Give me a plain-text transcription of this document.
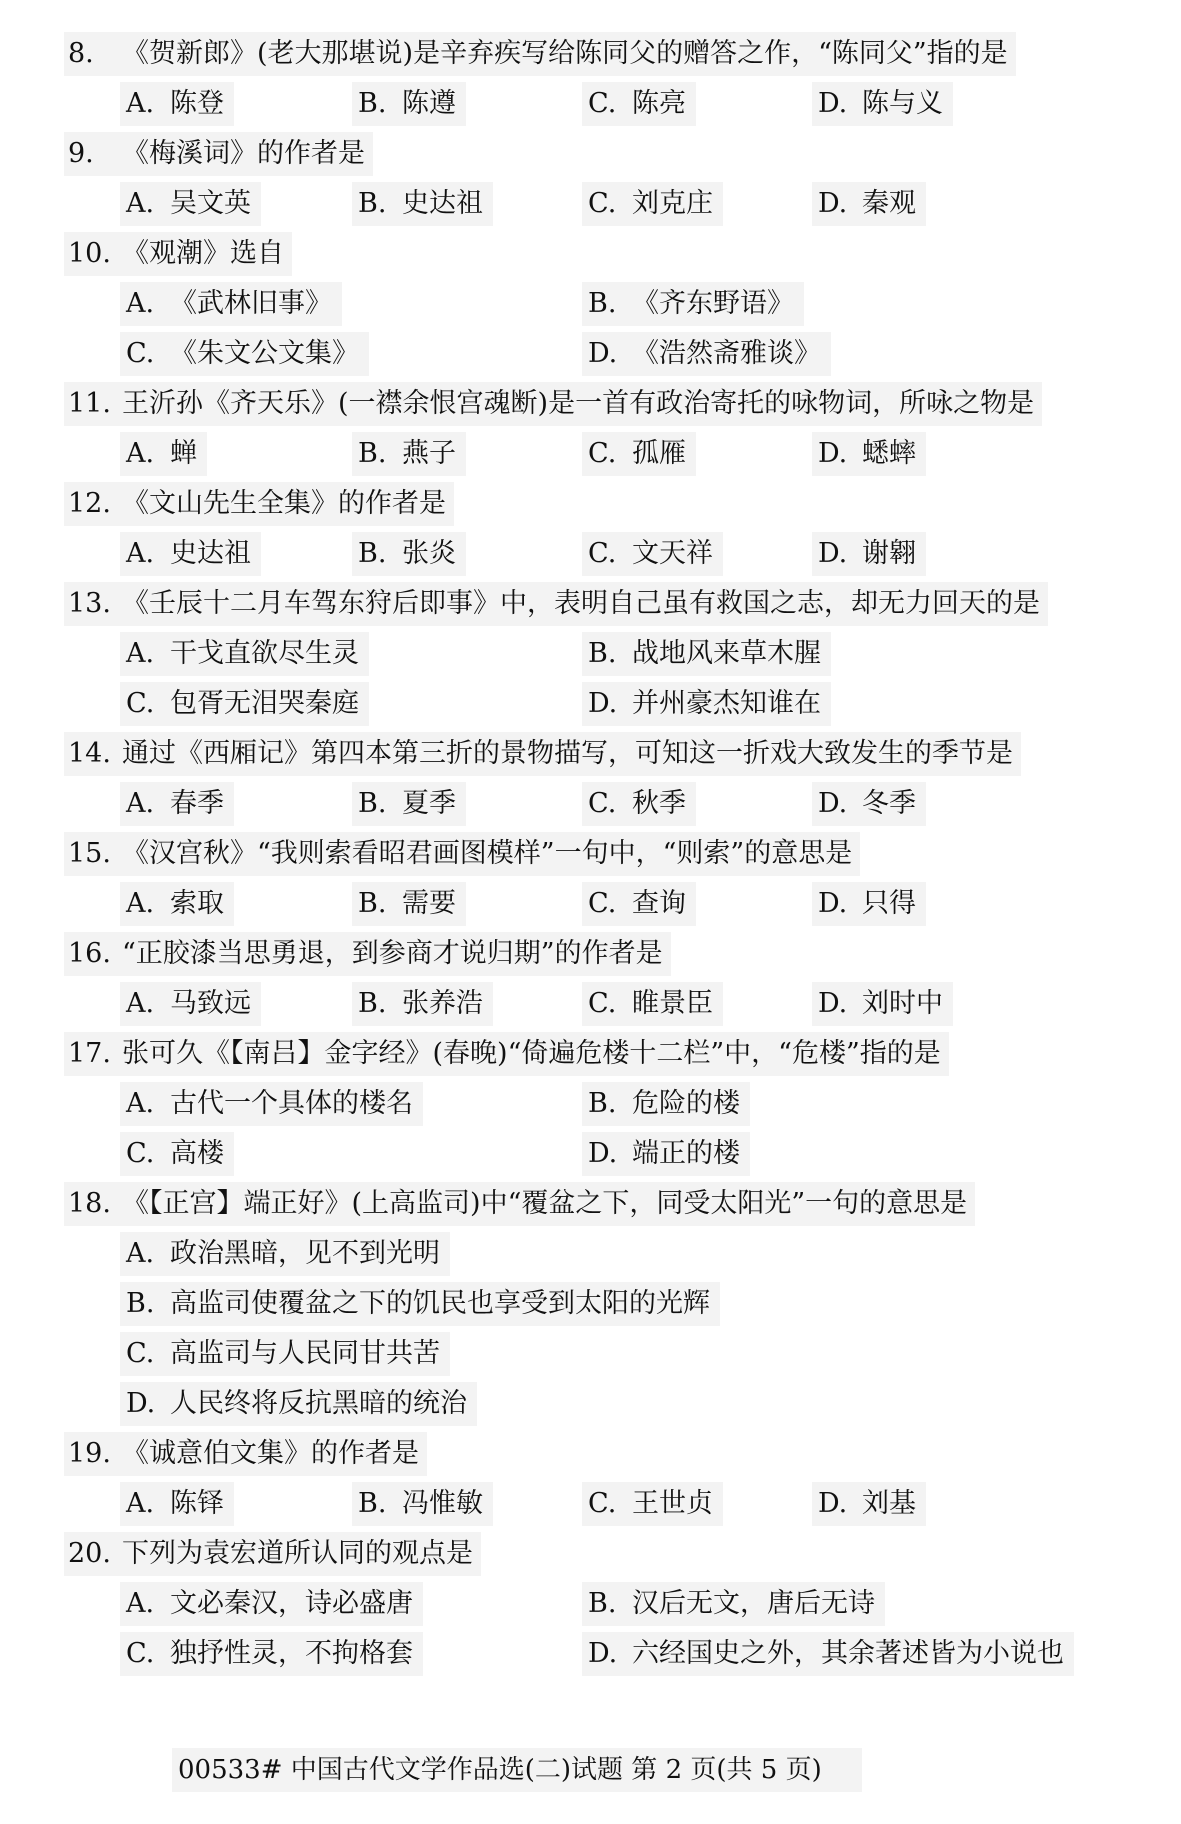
8. 《贺新郎》(老大那堪说)是辛弃疾写给陈同父的赠答之作，“陈同父”指的是
A. 陈登	B. 陈遵	C. 陈亮	D. 陈与义
9. 《梅溪词》的作者是
A. 吴文英	B. 史达祖	C. 刘克庄	D. 秦观
10. 《观潮》选自
A. 《武林旧事》	B. 《齐东野语》
C. 《朱文公文集》	D. 《浩然斋雅谈》
11. 王沂孙《齐天乐》(一襟余恨宫魂断)是一首有政治寄托的咏物词，所咏之物是
A. 蝉	B. 燕子	C. 孤雁	D. 蟋蟀
12. 《文山先生全集》的作者是
A. 史达祖	B. 张炎	C. 文天祥	D. 谢翱
13. 《壬辰十二月车驾东狩后即事》中，表明自己虽有救国之志，却无力回天的是
A. 干戈直欲尽生灵	B. 战地风来草木腥
C. 包胥无泪哭秦庭	D. 并州豪杰知谁在
14. 通过《西厢记》第四本第三折的景物描写，可知这一折戏大致发生的季节是
A. 春季	B. 夏季	C. 秋季	D. 冬季
15. 《汉宫秋》“我则索看昭君画图模样”一句中，“则索”的意思是
A. 索取	B. 需要	C. 查询	D. 只得
16. “正胶漆当思勇退，到参商才说归期”的作者是
A. 马致远	B. 张养浩	C. 睢景臣	D. 刘时中
17. 张可久《【南吕】金字经》(春晚)“倚遍危楼十二栏”中，“危楼”指的是
A. 古代一个具体的楼名	B. 危险的楼
C. 高楼	D. 端正的楼
18. 《【正宫】端正好》(上高监司)中“覆盆之下，同受太阳光”一句的意思是
A. 政治黑暗，见不到光明
B. 高监司使覆盆之下的饥民也享受到太阳的光辉
C. 高监司与人民同甘共苦
D. 人民终将反抗黑暗的统治
19. 《诚意伯文集》的作者是
A. 陈铎	B. 冯惟敏	C. 王世贞	D. 刘基
20. 下列为袁宏道所认同的观点是
A. 文必秦汉，诗必盛唐	B. 汉后无文，唐后无诗
C. 独抒性灵，不拘格套	D. 六经国史之外，其余著述皆为小说也
00533# 中国古代文学作品选(二)试题 第 2 页(共 5 页)
